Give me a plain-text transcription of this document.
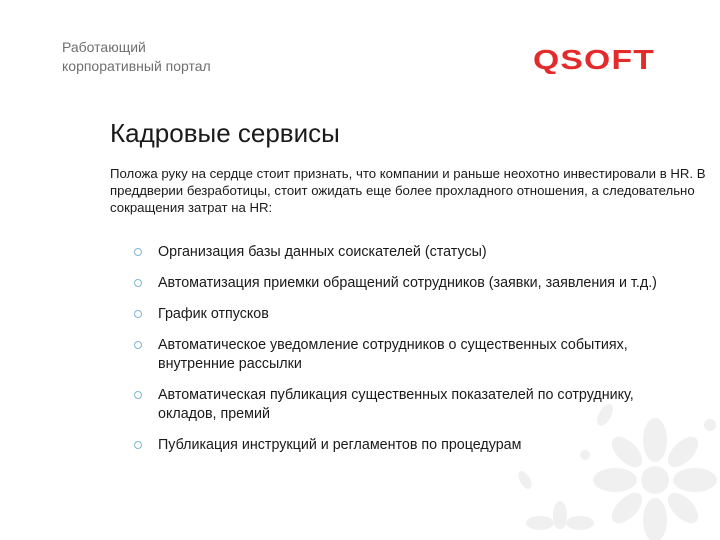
Работающий
корпоративный портал	QSOFT
Кадровые сервисы
Положа руку на сердце стоит признать, что компании и раньше неохотно инвестировали в HR. В преддверии безработицы, стоит ожидать еще более прохладного отношения, а следовательно сокращения затрат на HR:
Организация базы данных соискателей (статусы)
Автоматизация приемки обращений сотрудников (заявки, заявления и т.д.)
График отпусков
Автоматическое уведомление сотрудников о существенных событиях, внутренние рассылки
Автоматическая публикация существенных показателей по сотруднику, окладов, премий
Публикация инструкций и регламентов по процедурам
